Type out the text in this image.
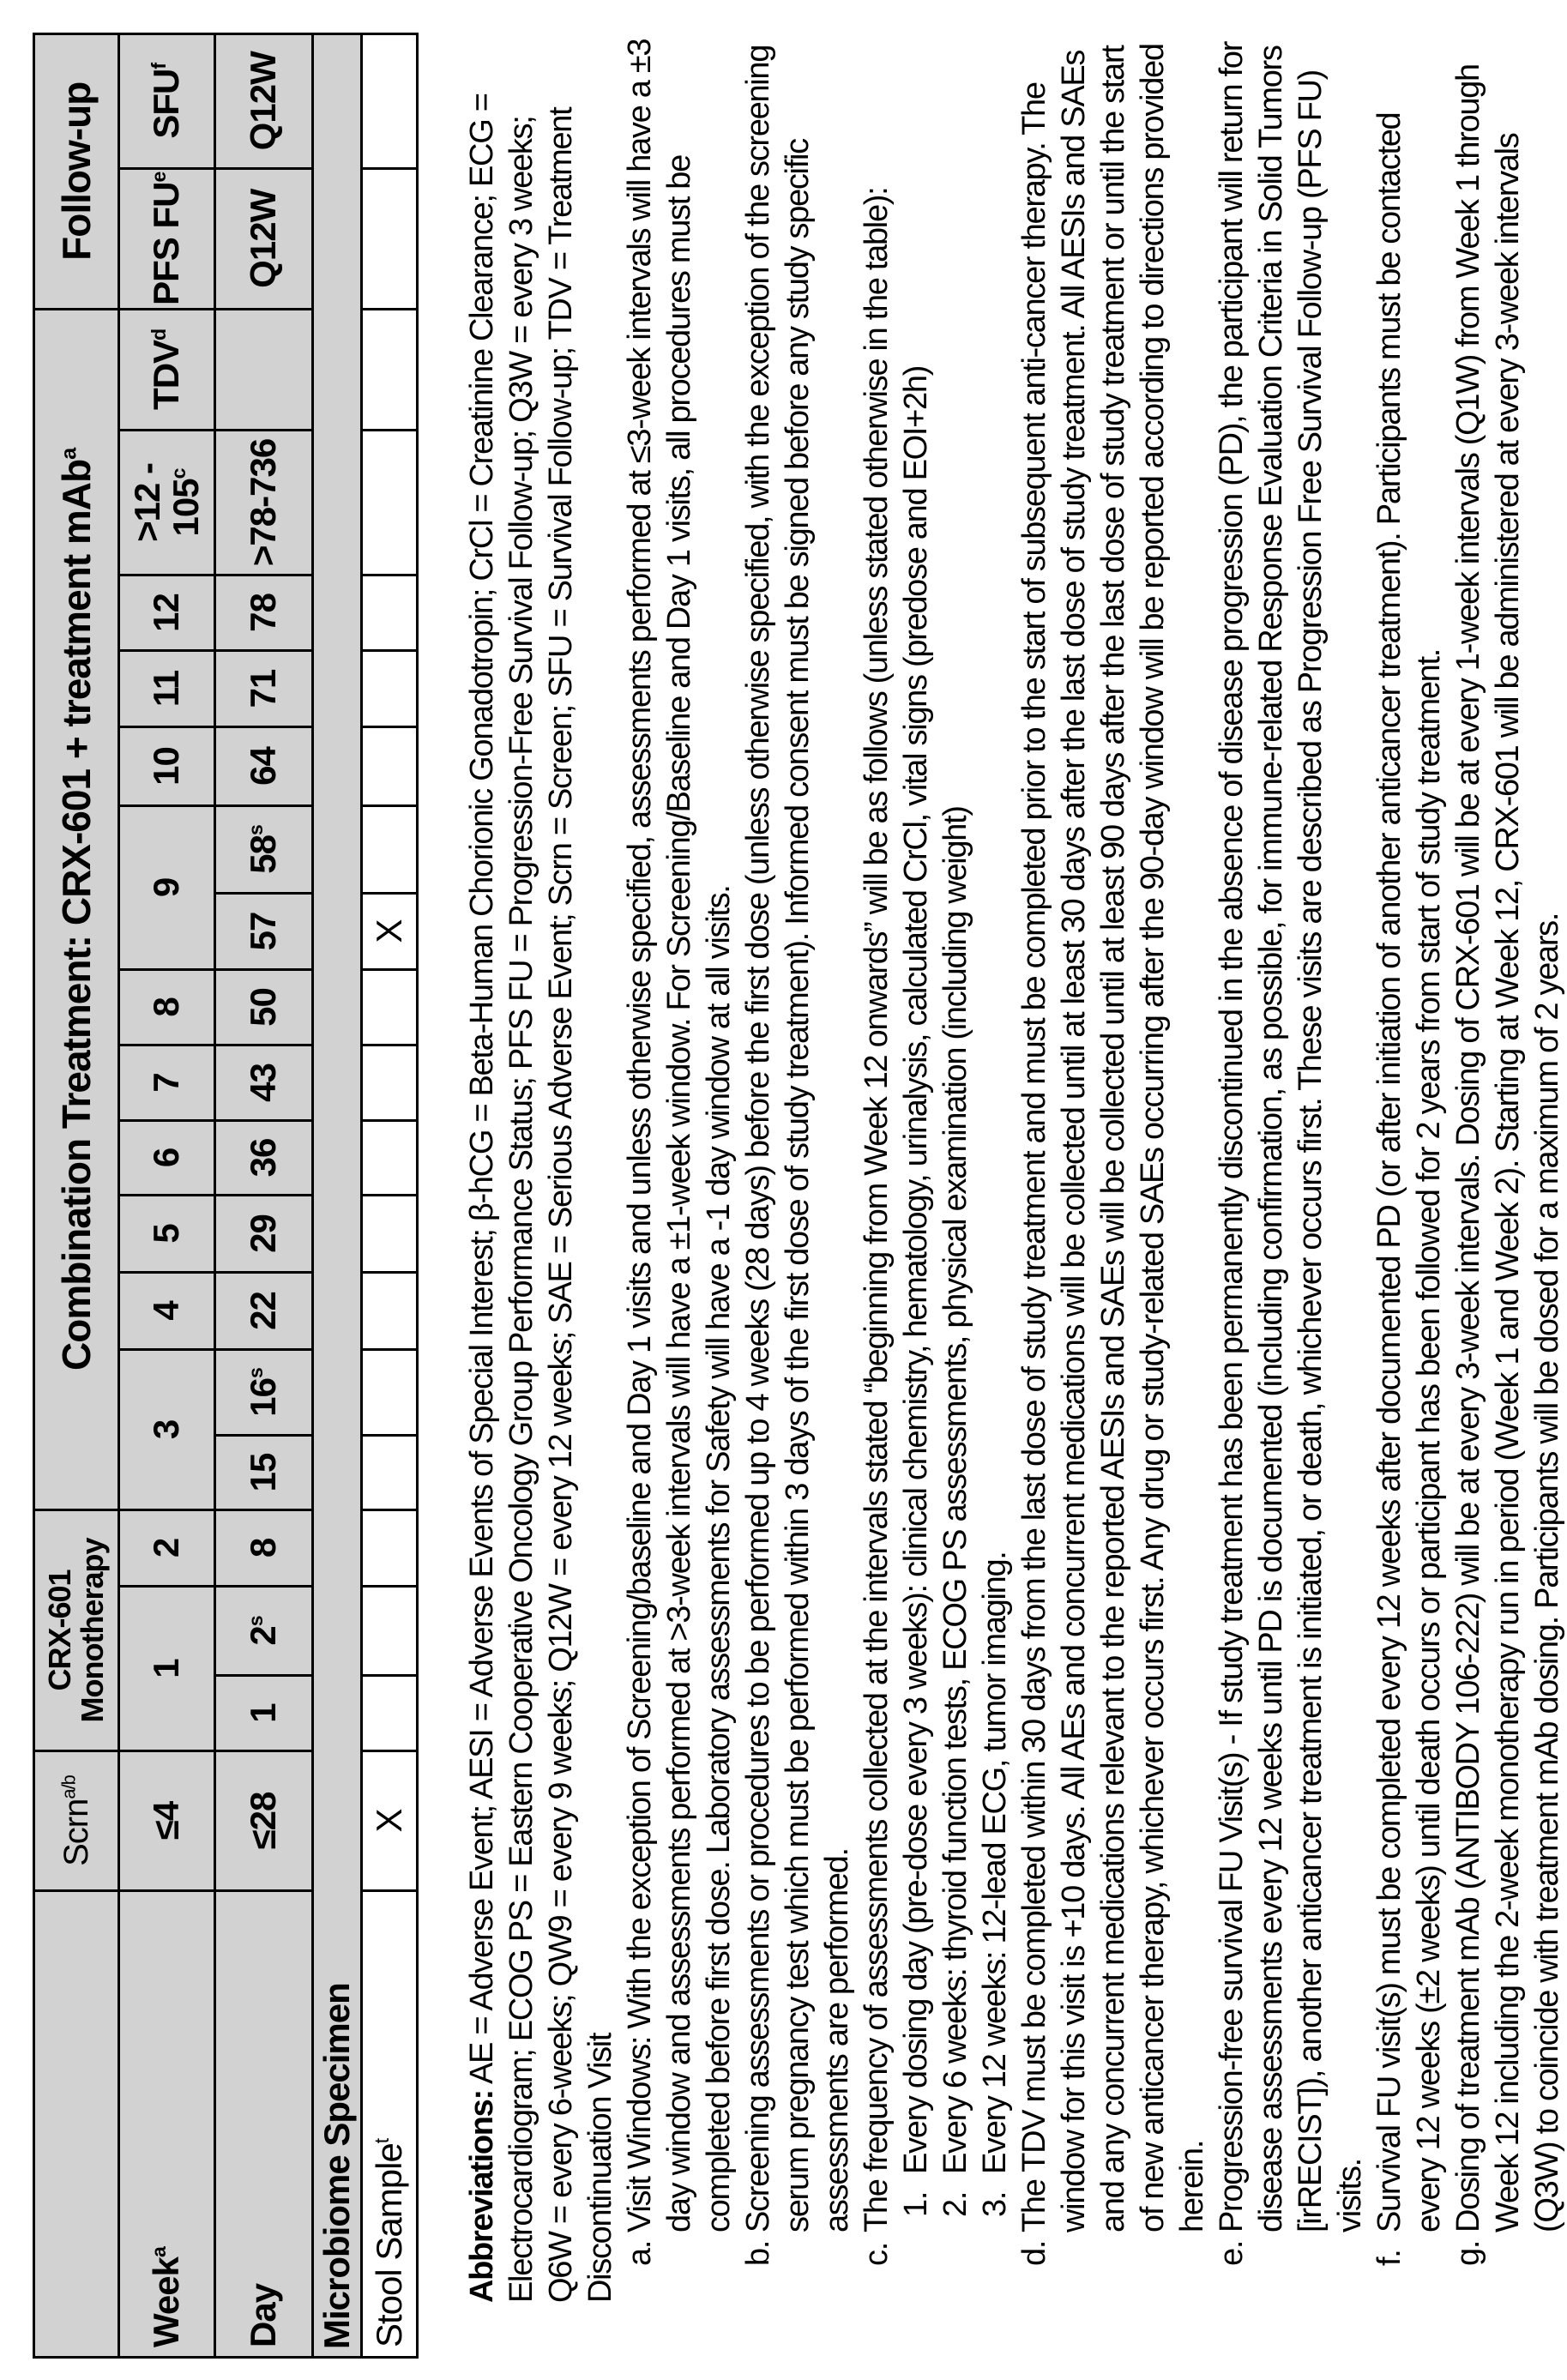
	Scrna/b	CRX-601 Monotherapy	Combination Treatment: CRX-601 + treatment mAba	Follow-up
Weeka	≤4	1	2	3	4	5	6	7	8	9	10	11	12	>12 - 105c	TDVd	PFS FUe	SFUf
Day	≤28	1	2s	8	15	16s	22	29	36	43	50	57	58s	64	71	78	>78-736		Q12W	Q12W
Microbiome SpecimenStool Samplet	X											X								

Abbreviations: AE = Adverse Event; AESI = Adverse Events of Special Interest; β-hCG = Beta-Human Chorionic Gonadotropin; CrCl = Creatinine Clearance; ECG = Electrocardiogram; ECOG PS = Eastern Cooperative Oncology Group Performance Status; PFS FU = Progression-Free Survival Follow-up; Q3W = every 3 weeks; Q6W = every 6-weeks; QW9 = every 9 weeks; Q12W = every 12 weeks; SAE = Serious Adverse Event; Scrn = Screen; SFU = Survival Follow-up; TDV = Treatment Discontinuation Visit a.
Visit Windows: With the exception of Screening/baseline and Day 1 visits and unless otherwise specified, assessments performed at ≤3-week intervals will have a ±3 day window and assessments performed at >3-week intervals will have a ±1-week window. For Screening/Baseline and Day 1 visits, all procedures must be completed before first dose. Laboratory assessments for Safety will have a -1 day window at all visits.

b.
Screening assessments or procedures to be performed up to 4 weeks (28 days) before the first dose (unless otherwise specified, with the exception of the screening serum pregnancy test which must be performed within 3 days of the first dose of study treatment). Informed consent must be signed before any study specific assessments are performed.

c.
The frequency of assessments collected at the intervals stated “beginning from Week 12 onwards” will be as follows (unless stated otherwise in the table): 1.
Every dosing day (pre-dose every 3 weeks): clinical chemistry, hematology, urinalysis, calculated CrCl, vital signs (predose and EOI+2h)

2.
Every 6 weeks: thyroid function tests, ECOG PS assessments, physical examination (including weight)

3.
Every 12 weeks: 12-lead ECG, tumor imaging.

d.
The TDV must be completed within 30 days from the last dose of study treatment and must be completed prior to the start of subsequent anti-cancer therapy. The window for this visit is +10 days. All AEs and concurrent medications will be collected until at least 30 days after the last dose of study treatment. All AESIs and SAEs and any concurrent medications relevant to the reported AESIs and SAEs will be collected until at least 90 days after the last dose of study treatment or until the start of new anticancer therapy, whichever occurs first. Any drug or study-related SAEs occurring after the 90-day window will be reported according to directions provided herein.

e.
Progression-free survival FU Visit(s) - If study treatment has been permanently discontinued in the absence of disease progression (PD), the participant will return for disease assessments every 12 weeks until PD is documented (including confirmation, as possible, for immune-related Response Evaluation Criteria in Solid Tumors [irRECIST]), another anticancer treatment is initiated, or death, whichever occurs first. These visits are described as Progression Free Survival Follow-up (PFS FU) visits.

f.
Survival FU visit(s) must be completed every 12 weeks after documented PD (or after initiation of another anticancer treatment). Participants must be contacted every 12 weeks (±2 weeks) until death occurs or participant has been followed for 2 years from start of study treatment.

g.
Dosing of treatment mAb (ANTIBODY 106-222) will be at every 3-week intervals. Dosing of CRX-601 will be at every 1-week intervals (Q1W) from Week 1 through Week 12 including the 2-week monotherapy run in period (Week 1 and Week 2). Starting at Week 12, CRX-601 will be administered at every 3-week intervals (Q3W) to coincide with treatment mAb dosing. Participants will be dosed for a maximum of 2 years.
